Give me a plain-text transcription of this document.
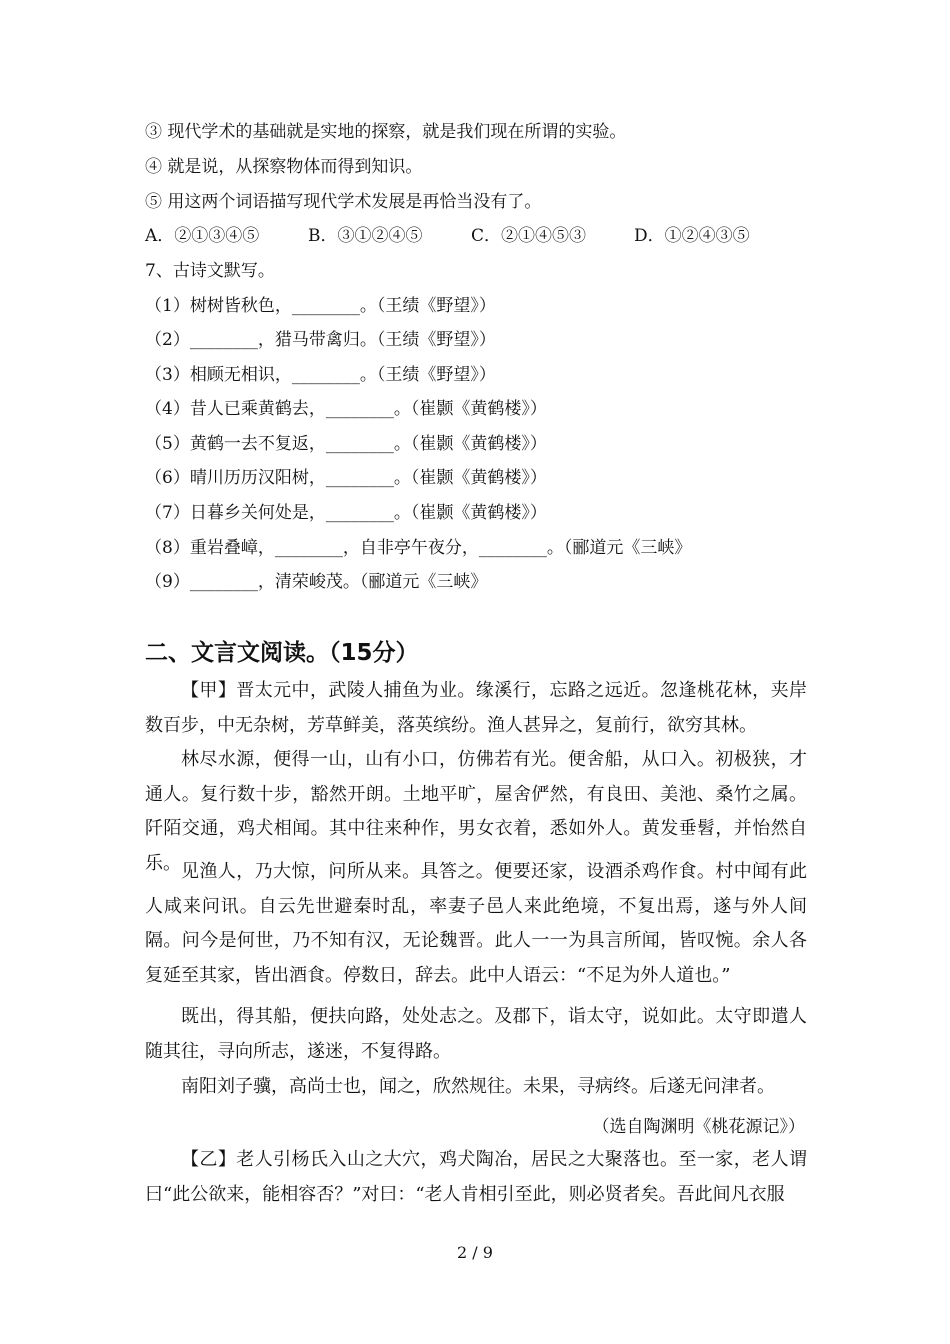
③ 现代学术的基础就是实地的探察，就是我们现在所谓的实验。
④ 就是说，从探察物体而得到知识。
⑤ 用这两个词语描写现代学术发展是再恰当没有了。
A．②①③④⑤	B．③①②④⑤	C．②①④⑤③	D．①②④③⑤
7、古诗文默写。
（1）树树皆秋色，________。（王绩《野望》）
（2）________，猎马带禽归。（王绩《野望》）
（3）相顾无相识，________。（王绩《野望》）
（4）昔人已乘黄鹤去，________。（崔颢《黄鹤楼》）
（5）黄鹤一去不复返，________。（崔颢《黄鹤楼》）
（6）晴川历历汉阳树，________。（崔颢《黄鹤楼》）
（7）日暮乡关何处是，________。（崔颢《黄鹤楼》）
（8）重岩叠嶂，________，自非亭午夜分，________。（郦道元《三峡》
（9）________，清荣峻茂。（郦道元《三峡》
二、文言文阅读。（15分）

【甲】晋太元中，武陵人捕鱼为业。缘溪行，忘路之远近。忽逢桃花林，夹岸数百步，中无杂树，芳草鲜美，落英缤纷。渔人甚异之，复前行，欲穷其林。

林尽水源，便得一山，山有小口，仿佛若有光。便舍船，从口入。初极狭，才通人。复行数十步，豁然开朗。土地平旷，屋舍俨然，有良田、美池、桑竹之属。阡陌交通，鸡犬相闻。其中往来种作，男女衣着，悉如外人。黄发垂髫，并怡然自乐。 见渔人，乃大惊，问所从来。具答之。便要还家，设酒杀鸡作食。村中闻有此人咸来问讯。自云先世避秦时乱，率妻子邑人来此绝境，不复出焉，遂与外人间隔。问今是何世，乃不知有汉，无论魏晋。此人一一为具言所闻，皆叹惋。余人各复延至其家，皆出酒食。停数日，辞去。此中人语云：“不足为外人道也。”

既出，得其船，便扶向路，处处志之。及郡下，诣太守，说如此。太守即遣人随其往，寻向所志，遂迷，不复得路。

南阳刘子骥，高尚士也，闻之，欣然规往。未果，寻病终。后遂无问津者。

（选自陶渊明《桃花源记》）

【乙】老人引杨氏入山之大穴，鸡犬陶冶，居民之大聚落也。至一家，老人谓曰“此公欲来，能相容否？”对曰：“老人肯相引至此，则必贤者矣。吾此间凡衣服

2 / 9
